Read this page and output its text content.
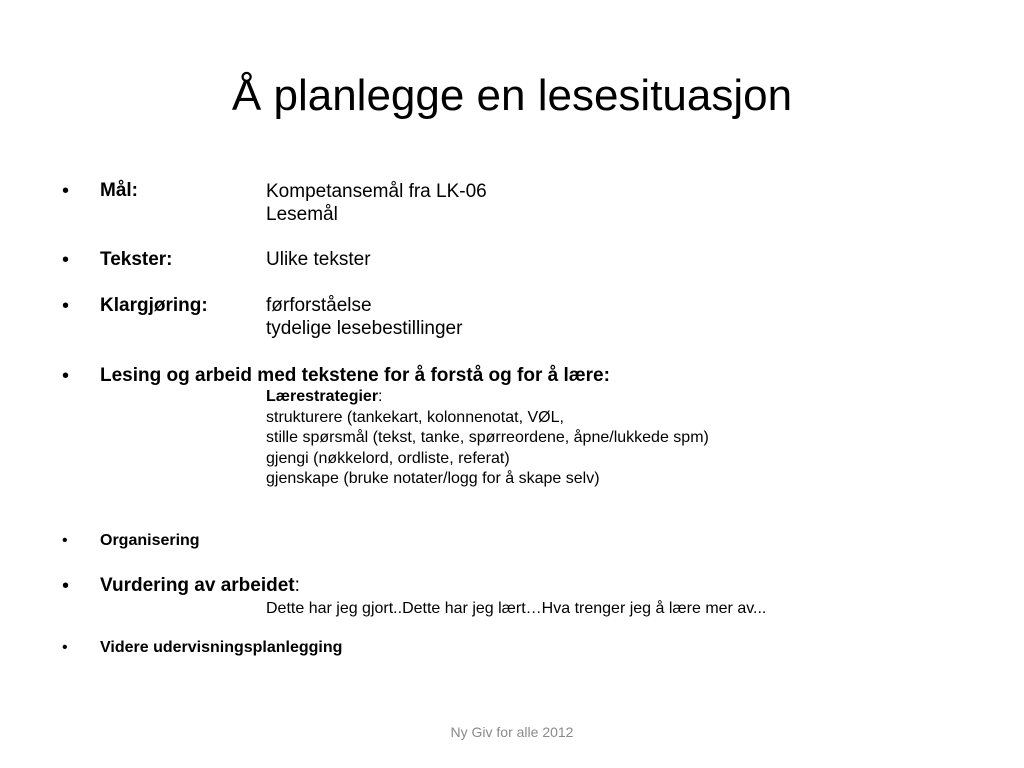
Å planlegge en lesesituasjon
• Mål:	Kompetansemål fra LK-06
Lesemål
• Tekster:	Ulike tekster
• Klargjøring:	førforståelse
tydelige lesebestillinger
• Lesing og arbeid med tekstene for å forstå og for å lære:
Lærestrategier:
strukturere (tankekart, kolonnenotat, VØL,
stille spørsmål (tekst, tanke, spørreordene, åpne/lukkede spm)
gjengi (nøkkelord, ordliste, referat)
gjenskape (bruke notater/logg for å skape selv)
• Organisering
• Vurdering av arbeidet:
Dette har jeg gjort..Dette har jeg lært…Hva trenger jeg å lære mer av...
• Videre udervisningsplanlegging
Ny Giv for alle 2012
